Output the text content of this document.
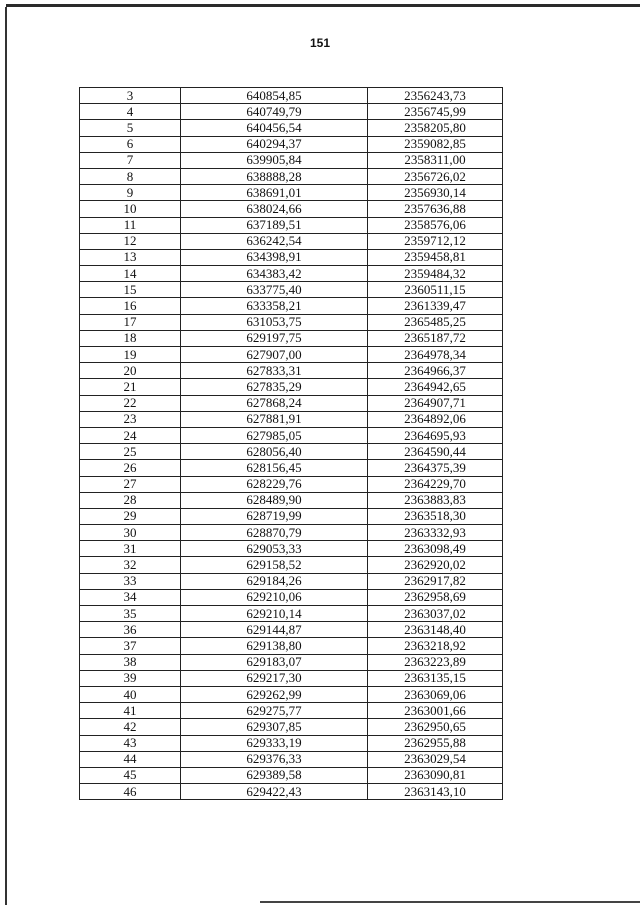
151
3	640854,85	2356243,73
4	640749,79	2356745,99
5	640456,54	2358205,80
6	640294,37	2359082,85
7	639905,84	2358311,00
8	638888,28	2356726,02
9	638691,01	2356930,14
10	638024,66	2357636,88
11	637189,51	2358576,06
12	636242,54	2359712,12
13	634398,91	2359458,81
14	634383,42	2359484,32
15	633775,40	2360511,15
16	633358,21	2361339,47
17	631053,75	2365485,25
18	629197,75	2365187,72
19	627907,00	2364978,34
20	627833,31	2364966,37
21	627835,29	2364942,65
22	627868,24	2364907,71
23	627881,91	2364892,06
24	627985,05	2364695,93
25	628056,40	2364590,44
26	628156,45	2364375,39
27	628229,76	2364229,70
28	628489,90	2363883,83
29	628719,99	2363518,30
30	628870,79	2363332,93
31	629053,33	2363098,49
32	629158,52	2362920,02
33	629184,26	2362917,82
34	629210,06	2362958,69
35	629210,14	2363037,02
36	629144,87	2363148,40
37	629138,80	2363218,92
38	629183,07	2363223,89
39	629217,30	2363135,15
40	629262,99	2363069,06
41	629275,77	2363001,66
42	629307,85	2362950,65
43	629333,19	2362955,88
44	629376,33	2363029,54
45	629389,58	2363090,81
46	629422,43	2363143,10
